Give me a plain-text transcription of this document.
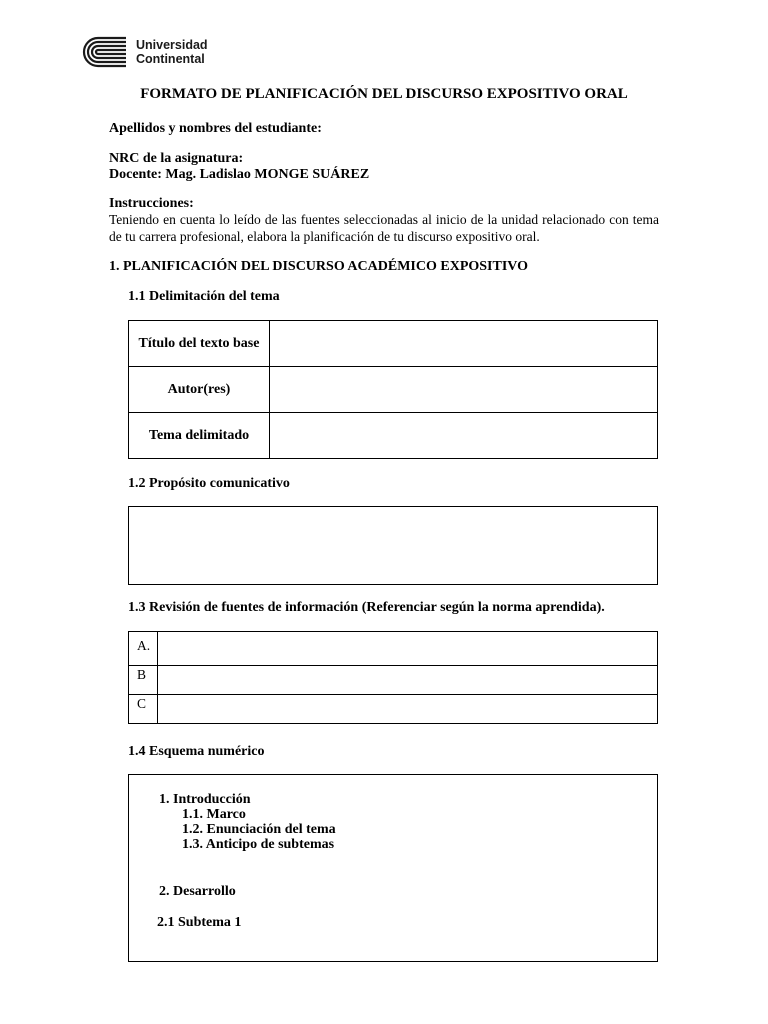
Universidad
Continental
FORMATO DE PLANIFICACIÓN DEL DISCURSO EXPOSITIVO ORAL
Apellidos y nombres del estudiante:
NRC de la asignatura:
Docente: Mag. Ladislao MONGE SUÁREZ
Instrucciones:
Teniendo en cuenta lo leído de las fuentes seleccionadas al inicio de la unidad relacionado con tema de tu carrera profesional, elabora la planificación de tu discurso expositivo oral.
1. PLANIFICACIÓN DEL DISCURSO ACADÉMICO EXPOSITIVO
1.1 Delimitación del tema
Título del texto base	
Autor(res)	
Tema delimitado	
1.2 Propósito comunicativo
1.3 Revisión de fuentes de información (Referenciar según la norma aprendida).
A.	
B	
C	
1.4 Esquema numérico
1. Introducción
1.1. Marco
1.2. Enunciación del tema
1.3. Anticipo de subtemas
2. Desarrollo
2.1 Subtema 1
